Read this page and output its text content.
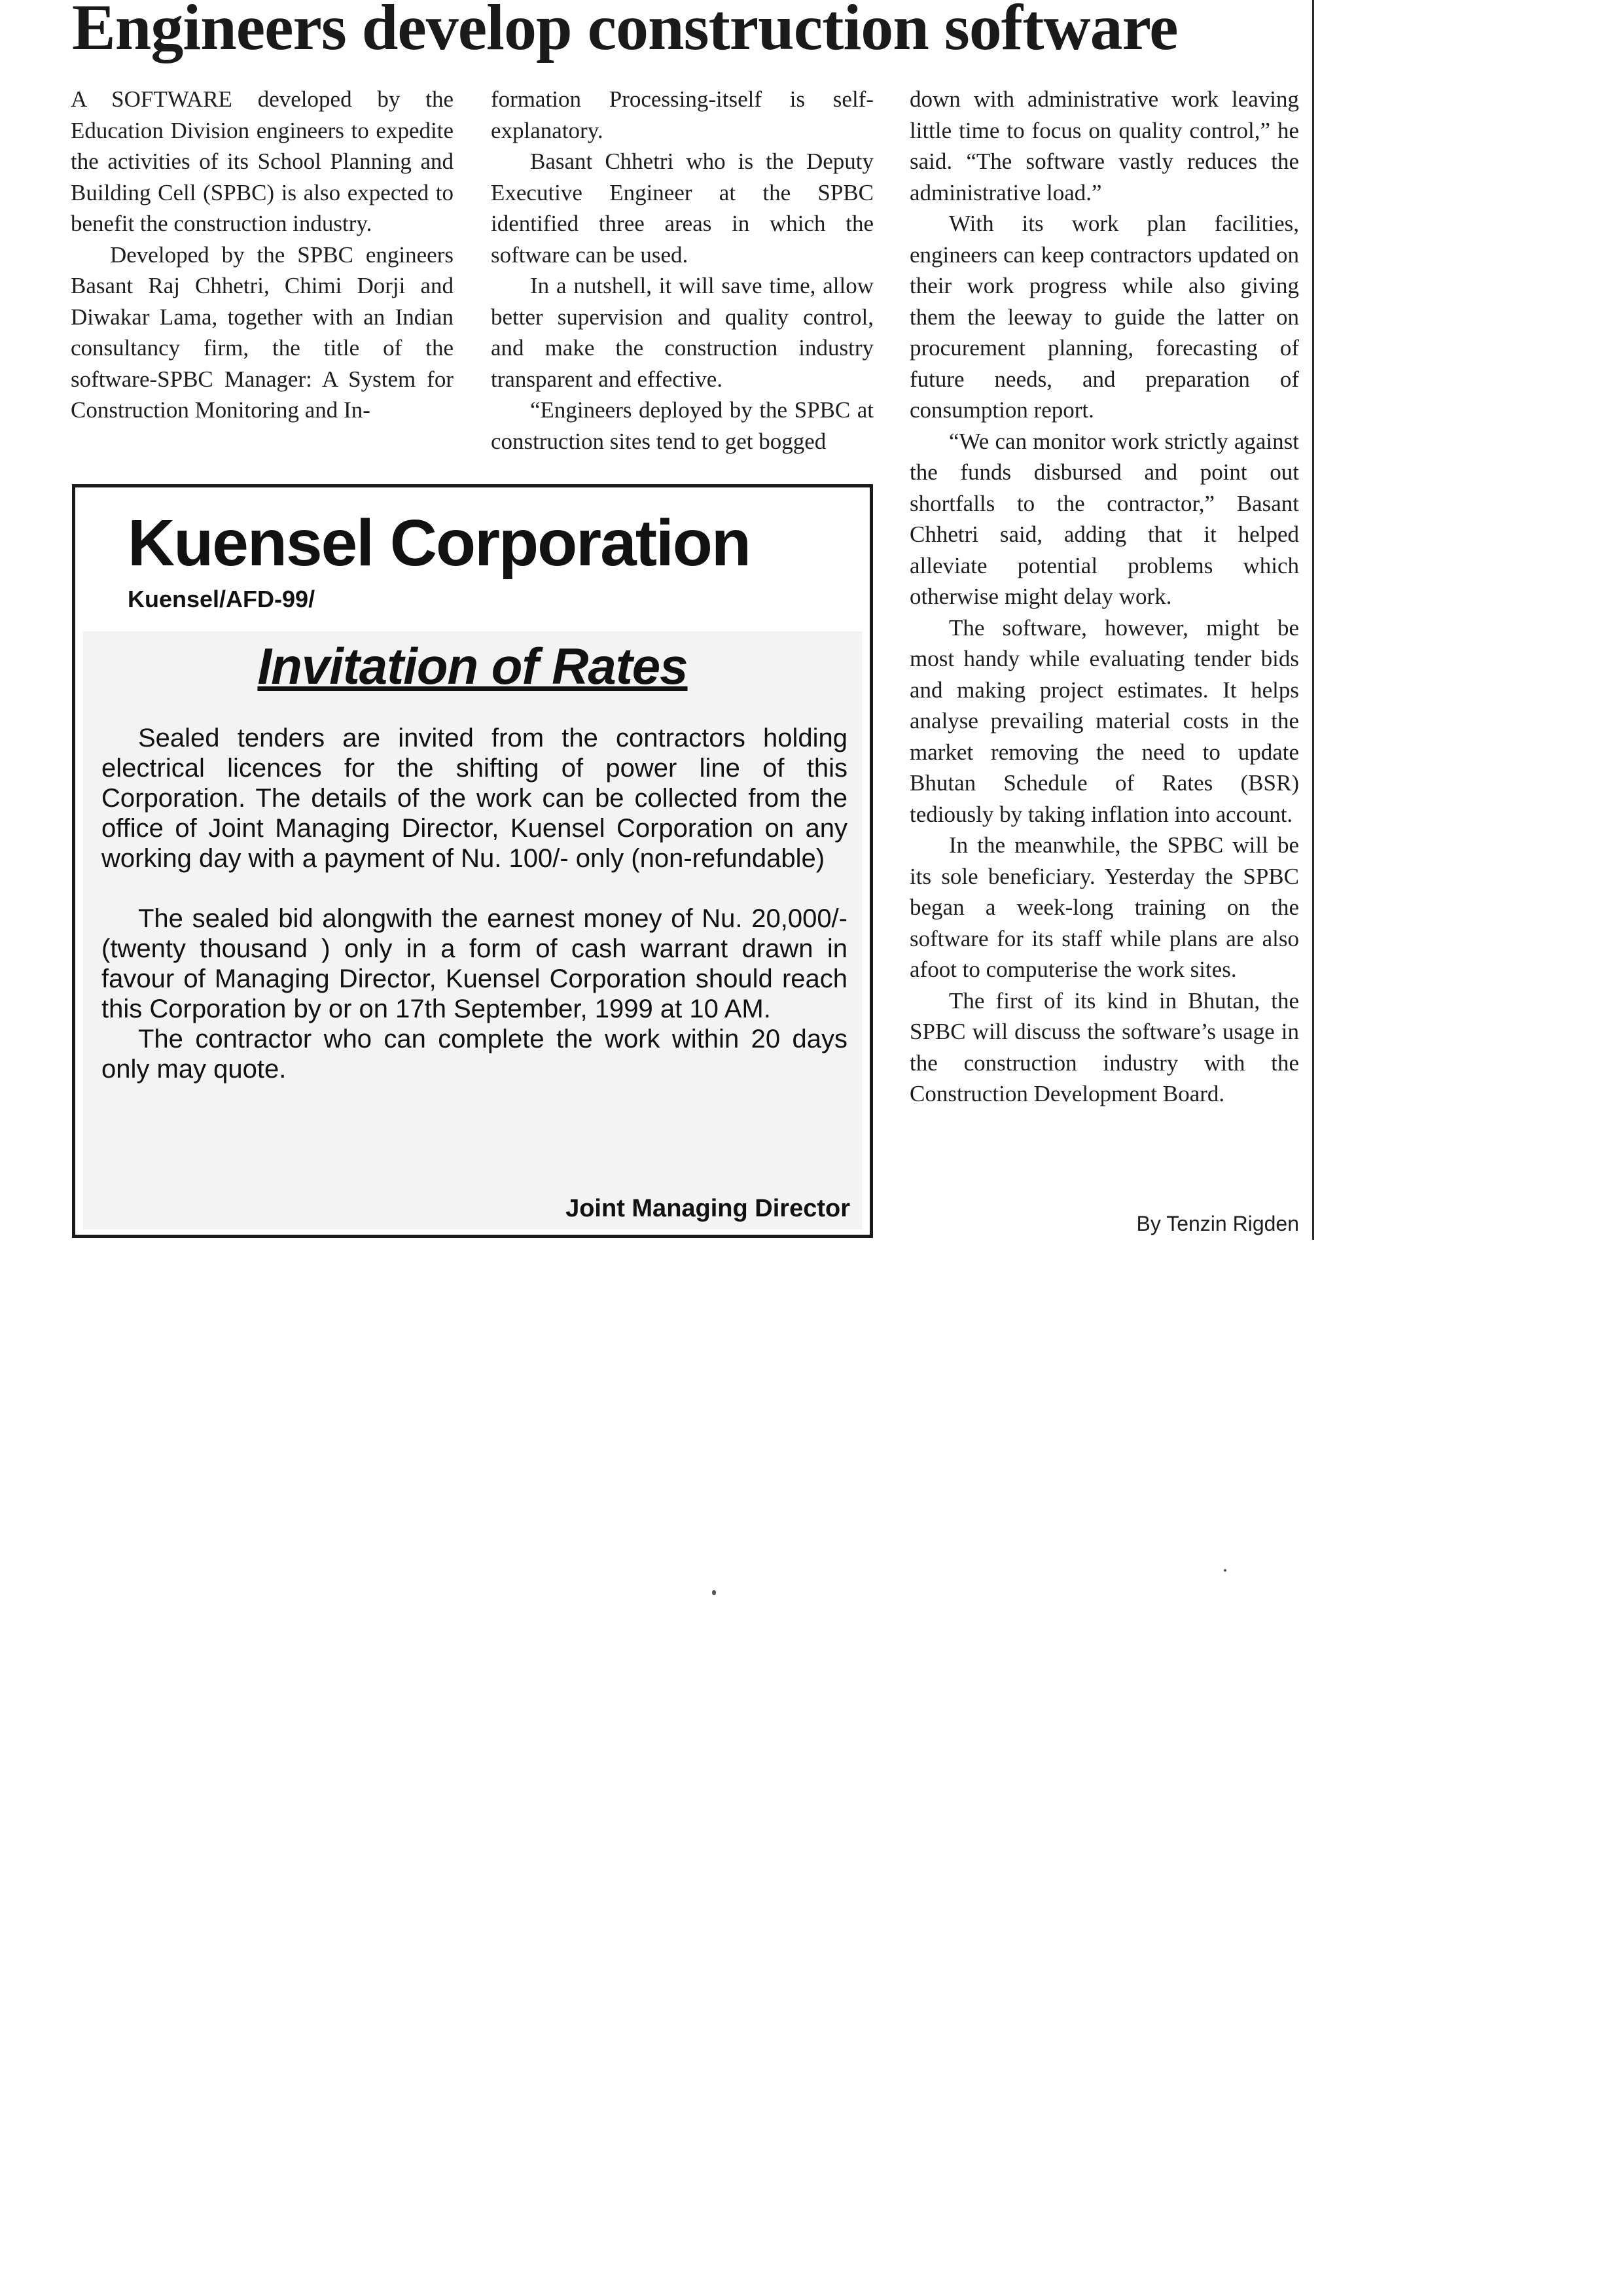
Engineers develop construction software

A SOFTWARE developed by the Education Division engineers to expedite the activities of its School Planning and Building Cell (SPBC) is also expected to benefit the construction industry.

Developed by the SPBC engineers Basant Raj Chhetri, Chimi Dorji and Diwakar Lama, together with an Indian consultancy firm, the title of the software-SPBC Manager: A System for Construction Monitoring and In-

formation Processing-itself is self-explanatory.

Basant Chhetri who is the Deputy Executive Engineer at the SPBC identified three areas in which the software can be used.

In a nutshell, it will save time, allow better supervision and quality control, and make the construction industry transparent and effective.

“Engineers deployed by the SPBC at construction sites tend to get bogged

down with administrative work leaving little time to focus on quality control,” he said. “The software vastly reduces the administrative load.”

With its work plan facilities, engineers can keep contractors updated on their work progress while also giving them the leeway to guide the latter on procurement planning, forecasting of future needs, and preparation of consumption report.

“We can monitor work strictly against the funds disbursed and point out shortfalls to the contractor,” Basant Chhetri said, adding that it helped alleviate potential problems which otherwise might delay work.

The software, however, might be most handy while evaluating tender bids and making project estimates. It helps analyse prevailing material costs in the market removing the need to update Bhutan Schedule of Rates (BSR) tediously by taking inflation into account.

In the meanwhile, the SPBC will be its sole beneficiary. Yesterday the SPBC began a week-long training on the software for its staff while plans are also afoot to computerise the work sites.

The first of its kind in Bhutan, the SPBC will discuss the software’s usage in the construction industry with the Construction Development Board.

By Tenzin Rigden
Kuensel Corporation
Kuensel/AFD-99/
Invitation of Rates

Sealed tenders are invited from the contractors holding electrical licences for the shifting of power line of this Corporation. The details of the work can be collected from the office of Joint Managing Director, Kuensel Corporation on any working day with a payment of Nu. 100/- only (non-refundable)

The sealed bid alongwith the earnest money of Nu. 20,000/- (twenty thousand ) only in a form of cash warrant drawn in favour of Managing Director, Kuensel Corporation should reach this Corporation by or on 17th September, 1999 at 10 AM.

The contractor who can complete the work within 20 days only may quote.

Joint Managing Director
